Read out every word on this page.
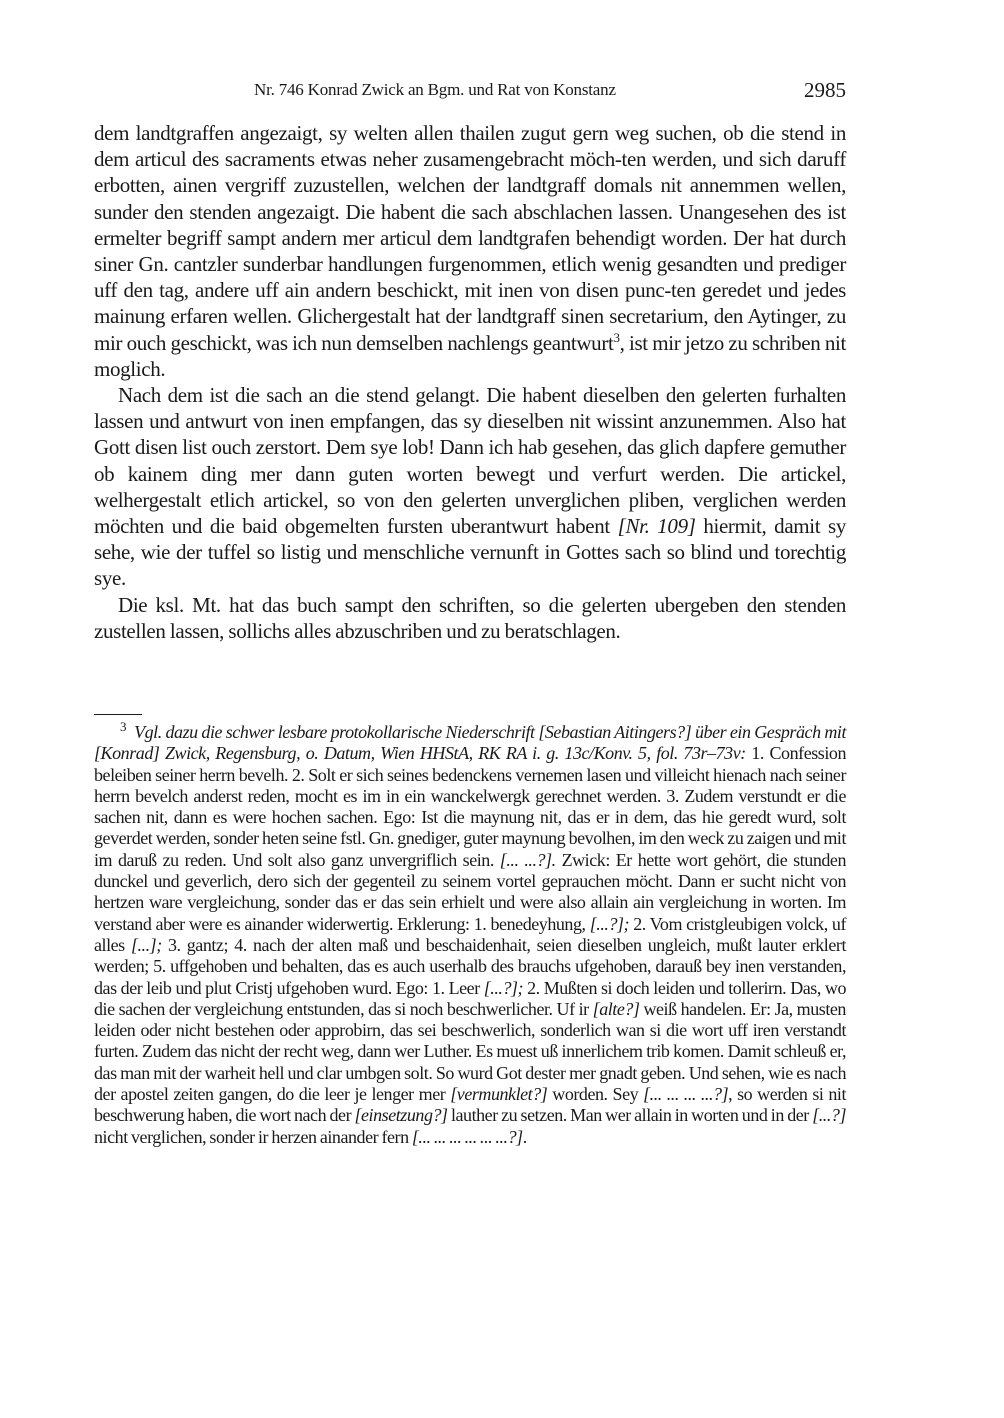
Nr. 746 Konrad Zwick an Bgm. und Rat von Konstanz	2985

dem landtgraffen angezaigt, sy welten allen thailen zugut gern weg suchen, ob die stend in dem articul des sacraments etwas neher zusamengebracht möch-ten werden, und sich daruff erbotten, ainen vergriff zuzustellen, welchen der landtgraff domals nit annemmen wellen, sunder den stenden angezaigt. Die habent die sach abschlachen lassen. Unangesehen des ist ermelter begriff sampt andern mer articul dem landtgrafen behendigt worden. Der hat durch siner Gn. cantzler sunderbar handlungen furgenommen, etlich wenig gesandten und prediger uff den tag, andere uff ain andern beschickt, mit inen von disen punc-ten geredet und jedes mainung erfaren wellen. Glichergestalt hat der landtgraff sinen secretarium, den Aytinger, zu mir ouch geschickt, was ich nun demselben nachlengs geantwurt$^3$, ist mir jetzo zu schriben nit moglich.

Nach dem ist die sach an die stend gelangt. Die habent dieselben den gelerten furhalten lassen und antwurt von inen empfangen, das sy dieselben nit wissint anzunemmen. Also hat Gott disen list ouch zerstort. Dem sye lob! Dann ich hab gesehen, das glich dapfere gemuther ob kainem ding mer dann guten worten bewegt und verfurt werden. Die artickel, welhergestalt etlich artickel, so von den gelerten unverglichen pliben, verglichen werden möchten und die baid obgemelten fursten uberantwurt habent [Nr. 109] hiermit, damit sy sehe, wie der tuffel so listig und menschliche vernunft in Gottes sach so blind und torechtig sye.

Die ksl. Mt. hat das buch sampt den schriften, so die gelerten ubergeben den stenden zustellen lassen, sollichs alles abzuschriben und zu beratschlagen.

$^3$ Vgl. dazu die schwer lesbare protokollarische Niederschrift [Sebastian Aitingers?] über ein Gespräch mit [Konrad] Zwick, Regensburg, o. Datum, Wien HHStA, RK RA i. g. 13c/Konv. 5, fol. 73r–73v: 1. Confession beleiben seiner herrn bevelh. 2. Solt er sich seines bedenckens vernemen lasen und villeicht hienach nach seiner herrn bevelch anderst reden, mocht es im in ein wanckelwergk gerechnet werden. 3. Zudem verstundt er die sachen nit, dann es were hochen sachen. Ego: Ist die maynung nit, das er in dem, das hie geredt wurd, solt geverdet werden, sonder heten seine fstl. Gn. gnediger, guter maynung bevolhen, im den weck zu zaigen und mit im daruß zu reden. Und solt also ganz unvergriflich sein. [... ...?]. Zwick: Er hette wort gehört, die stunden dunckel und geverlich, dero sich der gegenteil zu seinem vortel geprauchen möcht. Dann er sucht nicht von hertzen ware vergleichung, sonder das er das sein erhielt und were also allain ain vergleichung in worten. Im verstand aber were es ainander widerwertig. Erklerung: 1. benedeyhung, [...?]; 2. Vom cristgleubigen volck, uf alles [...]; 3. gantz; 4. nach der alten maß und beschaidenhait, seien dieselben ungleich, mußt lauter erklert werden; 5. uffgehoben und behalten, das es auch userhalb des brauchs ufgehoben, darauß bey inen verstanden, das der leib und plut Cristj ufgehoben wurd. Ego: 1. Leer [...?]; 2. Mußten si doch leiden und tollerirn. Das, wo die sachen der vergleichung entstunden, das si noch beschwerlicher. Uf ir [alte?] weiß handelen. Er: Ja, musten leiden oder nicht bestehen oder approbirn, das sei beschwerlich, sonderlich wan si die wort uff iren verstandt furten. Zudem das nicht der recht weg, dann wer Luther. Es muest uß innerlichem trib komen. Damit schleuß er, das man mit der warheit hell und clar umbgen solt. So wurd Got dester mer gnadt geben. Und sehen, wie es nach der apostel zeiten gangen, do die leer je lenger mer [vermunklet?] worden. Sey [... ... ... ...?], so werden si nit beschwerung haben, die wort nach der [einsetzung?] lauther zu setzen. Man wer allain in worten und in der [...?] nicht verglichen, sonder ir herzen ainander fern [... ... ... ... ... ...?].
